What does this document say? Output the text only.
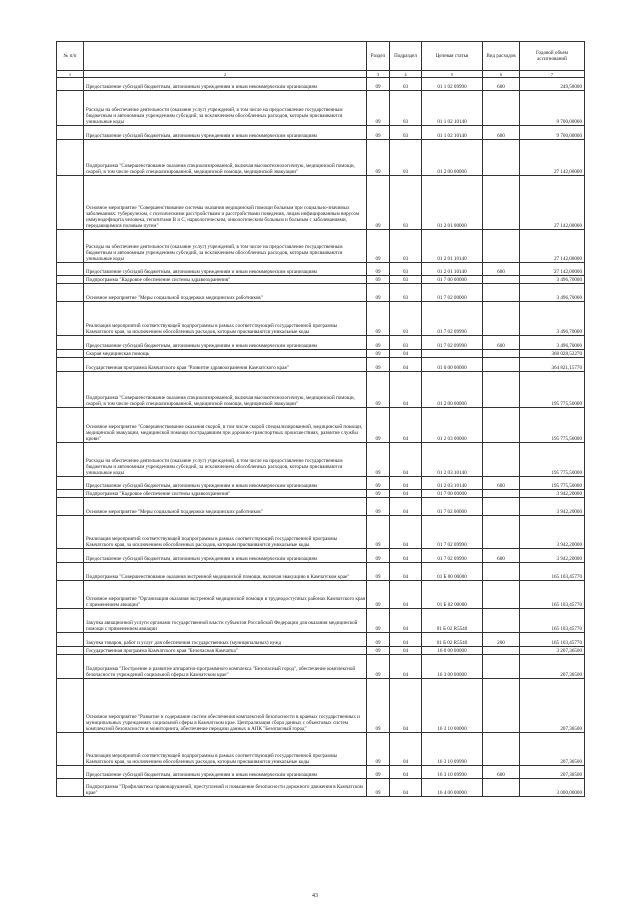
№ п/п		Раздел	Подраздел	Целевая статья	Вид расходов	Годовой объем ассигнований
1	2	3	4	5	6	7
	Предоставление субсидий бюджетным, автономным учреждениям и иным некоммерческим организациям	09	03	01 1 02 09990	600	249,50000
	Расходы на обеспечение деятельности (оказание услуг) учреждений, в том числе на предоставление государственным бюджетным и автономным учреждениям субсидий, за исключением обособленных расходов, которым присваиваются уникальные коды	09	03	01 1 02 10140		9 700,00000
	Предоставление субсидий бюджетным, автономным учреждениям и иным некоммерческим организациям	09	03	01 1 02 10140	600	9 700,00000
	Подпрограмма "Совершенствование оказания специализированной, включая высокотехнологичную, медицинской помощи, скорой, в том числе скорой специализированной, медицинской помощи, медицинской эвакуации"	09	03	01 2 00 00000		27 142,00000
	Основное мероприятие "Совершенствование системы оказания медицинской помощи больным при социально-значимых заболеваниях: туберкулезом, с психическими расстройствами и расстройствами поведения, лицам инфицированным вирусом иммунодефицита человека, гепатитами В и С, наркологическим, онкологическим больным и больным с заболеваниями, передающимися половым путем"	09	03	01 2 01 00000		27 142,00000
	Расходы на обеспечение деятельности (оказание услуг) учреждений, в том числе на предоставление государственным бюджетным и автономным учреждениям субсидий, за исключением обособленных расходов, которым присваиваются уникальные коды	09	03	01 2 01 10140		27 142,00000
	Предоставление субсидий бюджетным, автономным учреждениям и иным некоммерческим организациям	09	03	01 2 01 10140	600	27 142,00000
	Подпрограмма "Кадровое обеспечение системы здравоохранения"	09	03	01 7 00 00000		3 496,70000
	Основное мероприятие "Меры социальной поддержки медицинских работников"	09	03	01 7 02 00000		3 496,70000
	Реализация мероприятий соответствующей подпрограммы в рамках соответствующей государственной программы Камчатского края, за исключением обособленных расходов, которым присваиваются уникальные коды	09	03	01 7 02 09990		3 496,70000
	Предоставление субсидий бюджетным, автономным учреждениям и иным некоммерческим организациям	09	03	01 7 02 09990	600	3 496,70000
	Скорая медицинская помощь	09	04			368 028,52270
	Государственная программа Камчатского края "Развитие здравоохранения Камчатского края"	09	04	01 0 00 00000		364 821,15770
	Подпрограмма "Совершенствование оказания специализированной, включая высокотехнологичную, медицинской помощи, скорой, в том числе скорой специализированной, медицинской помощи, медицинской эвакуации"	09	04	01 2 00 00000		195 775,50000
	Основное мероприятие "Совершенствование оказания скорой, в том числе скорой специализированной, медицинской помощи, медицинской эвакуации, медицинской помощи пострадавшим при дорожно-транспортных происшествиях, развитие службы крови"	09	04	01 2 03 00000		195 775,50000
	Расходы на обеспечение деятельности (оказание услуг) учреждений, в том числе на предоставление государственным бюджетным и автономным учреждениям субсидий, за исключением обособленных расходов, которым присваиваются уникальные коды	09	04	01 2 03 10140		195 775,50000
	Предоставление субсидий бюджетным, автономным учреждениям и иным некоммерческим организациям	09	04	01 2 03 10140	600	195 775,50000
	Подпрограмма "Кадровое обеспечение системы здравоохранения"	09	04	01 7 00 00000		3 942,20000
	Основное мероприятие "Меры социальной поддержки медицинских работников"	09	04	01 7 02 00000		3 942,20000
	Реализация мероприятий соответствующей подпрограммы в рамках соответствующей государственной программы Камчатского края, за исключением обособленных расходов, которым присваиваются уникальные коды	09	04	01 7 02 09990		3 942,20000
	Предоставление субсидий бюджетным, автономным учреждениям и иным некоммерческим организациям	09	04	01 7 02 09990	600	3 942,20000
	Подпрограмма "Совершенствование оказания экстренной медицинской помощи, включая эвакуацию в Камчатском крае"	09	04	01 Б 00 00000		165 103,45770
	Основное мероприятие "Организация оказания экстренной медицинской помощи в труднодоступных районах Камчатского края с применением авиации"	09	04	01 Б 02 00000		165 103,45770
	Закупка авиационной услуги органами государственной власти субъектов Российской Федерации для оказания медицинской помощи с применением авиации	09	04	01 Б 02 R5540		165 103,45770
	Закупка товаров, работ и услуг для обеспечения государственных (муниципальных) нужд	09	04	01 Б 02 R5540	200	165 103,45770
	Государственная программа Камчатского края "Безопасная Камчатка"	09	04	16 0 00 00000		3 207,36500
	Подпрограмма "Построение и развитие аппаратно-программного комплекса "Безопасный город", обеспечение комплексной безопасности учреждений социальной сферы в Камчатском крае"	09	04	16 3 00 00000		207,36500
	Основное мероприятие "Развитие и содержание систем обеспечения комплексной безопасности в краевых государственных и муниципальных учреждениях социальной сферы в Камчатском крае. Централизация сбора данных с объектовых систем комплексной безопасности и мониторинга, обеспечение передачи данных в АПК "Безопасный город"	09	04	16 3 10 00000		207,36500
	Реализация мероприятий соответствующей подпрограммы в рамках соответствующей государственной программы Камчатского края, за исключением обособленных расходов, которым присваиваются уникальные коды	09	04	16 3 10 09990		207,36500
	Предоставление субсидий бюджетным, автономным учреждениям и иным некоммерческим организациям	09	04	16 3 10 09990	600	207,36500
	Подпрограмма "Профилактика правонарушений, преступлений и повышение безопасности дорожного движения в Камчатском крае"	09	04	16 4 00 00000		3 000,00000
43
